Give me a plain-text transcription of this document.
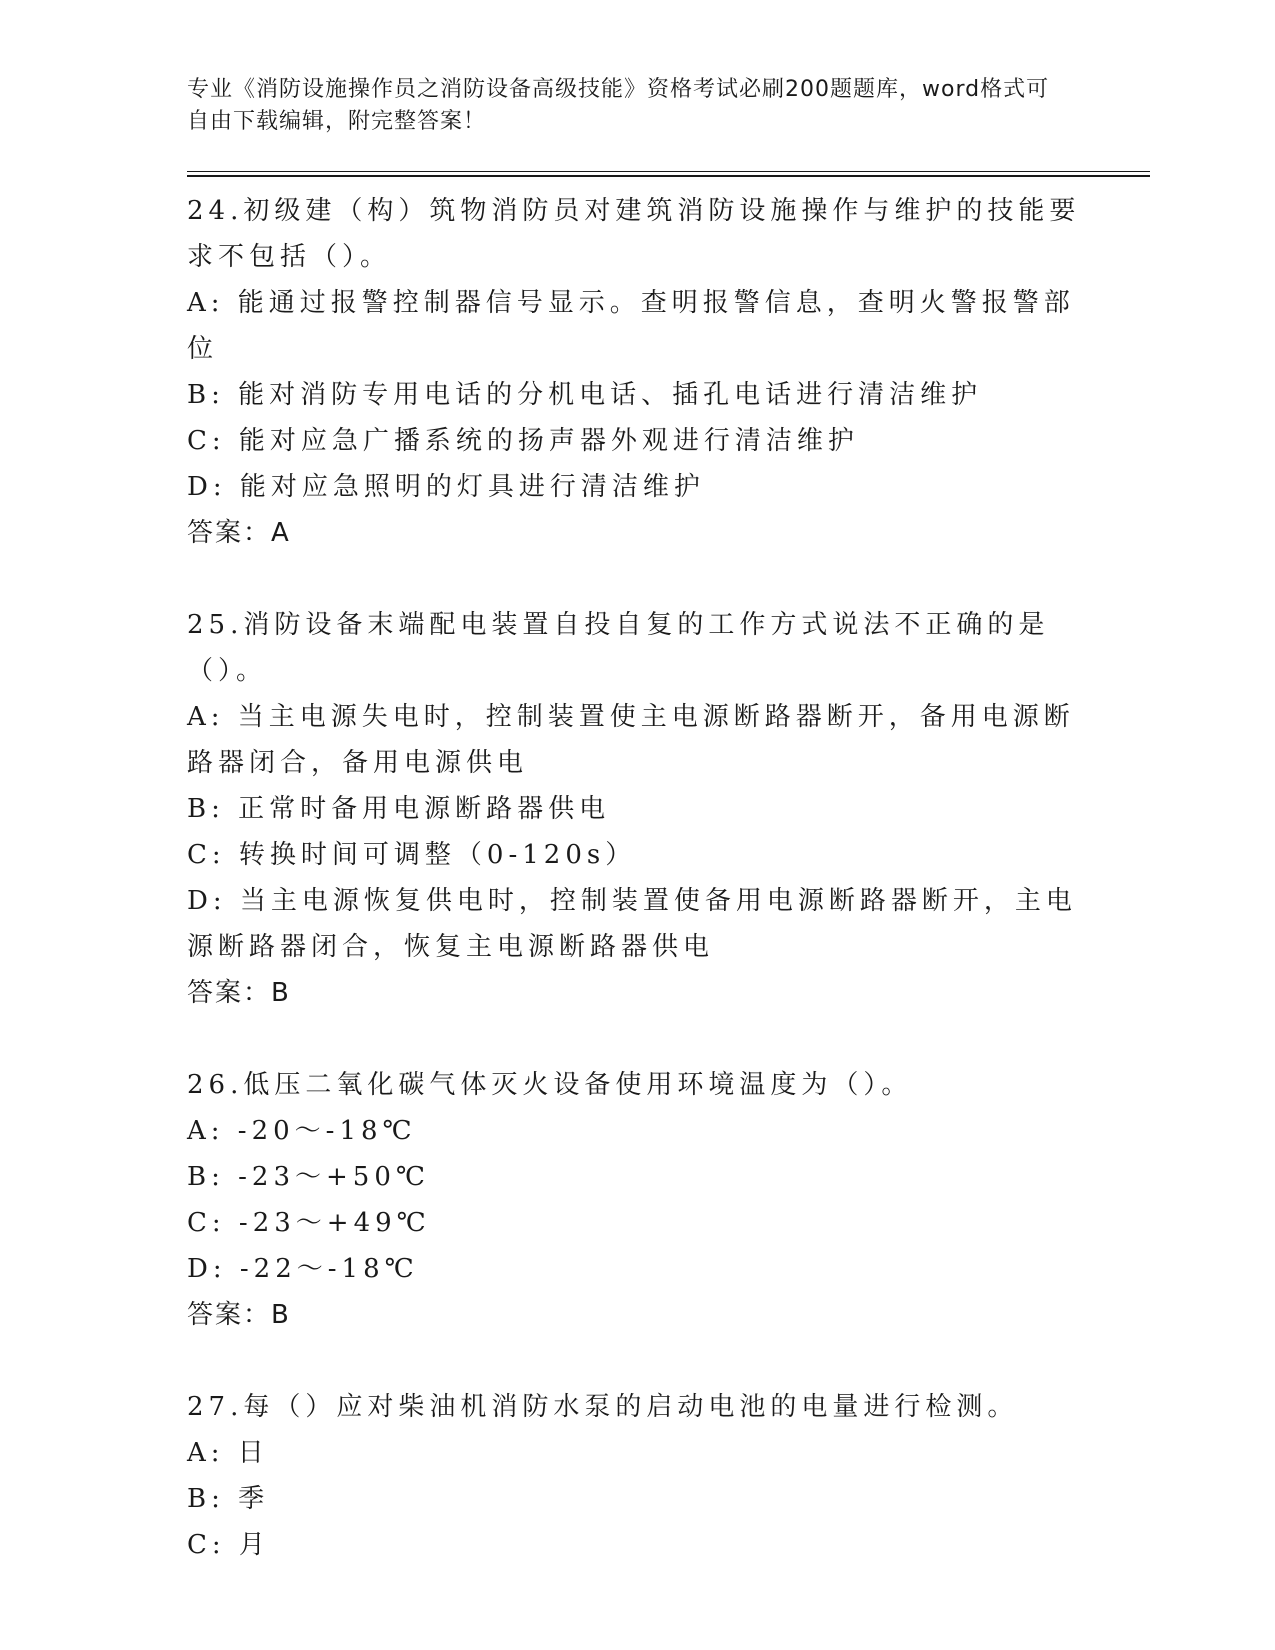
专业《消防设施操作员之消防设备高级技能》资格考试必刷200题题库，word格式可自由下载编辑，附完整答案！
24.初级建（构）筑物消防员对建筑消防设施操作与维护的技能要求不包括（）。
A: 能通过报警控制器信号显示。查明报警信息，查明火警报警部位
B: 能对消防专用电话的分机电话、插孔电话进行清洁维护
C: 能对应急广播系统的扬声器外观进行清洁维护
D: 能对应急照明的灯具进行清洁维护
答案：A
25.消防设备末端配电装置自投自复的工作方式说法不正确的是（）。
A: 当主电源失电时，控制装置使主电源断路器断开，备用电源断路器闭合，备用电源供电
B: 正常时备用电源断路器供电
C: 转换时间可调整（0-120s）
D: 当主电源恢复供电时，控制装置使备用电源断路器断开，主电源断路器闭合，恢复主电源断路器供电
答案：B
26.低压二氧化碳气体灭火设备使用环境温度为（）。
A: -20～-18℃
B: -23～+50℃
C: -23～+49℃
D: -22～-18℃
答案：B
27.每（）应对柴油机消防水泵的启动电池的电量进行检测。
A: 日
B: 季
C: 月
